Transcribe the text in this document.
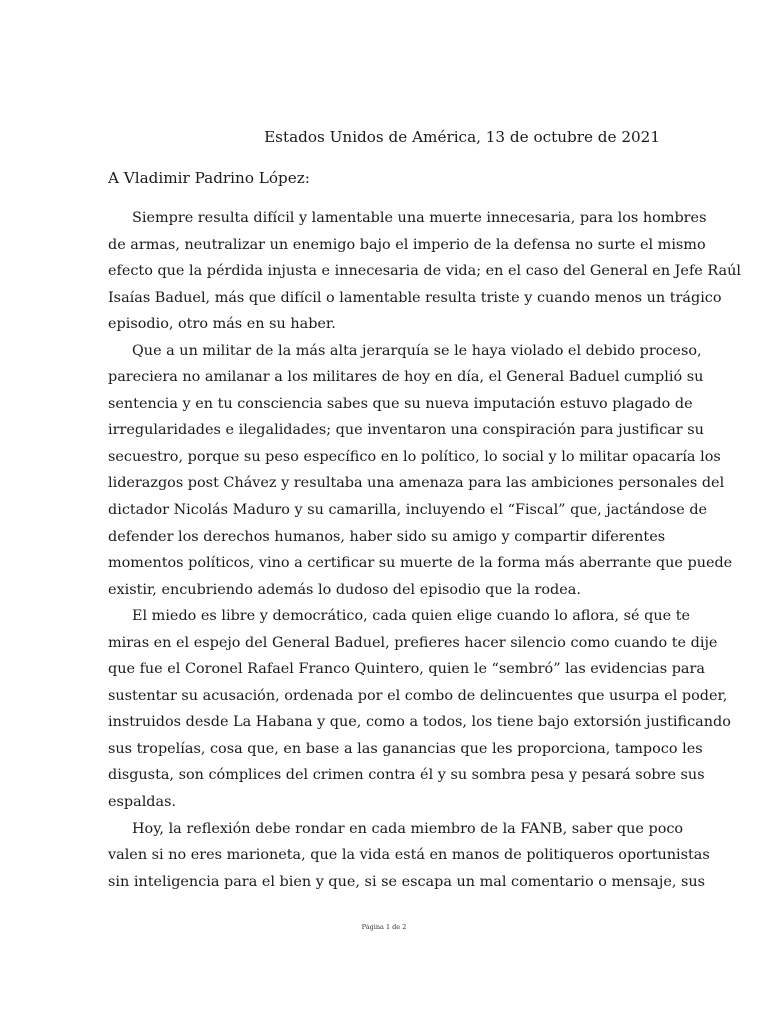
Estados Unidos de América, 13 de octubre de 2021
A Vladimir Padrino López:
Siempre resulta difícil y lamentable una muerte innecesaria, para los hombres
de armas, neutralizar un enemigo bajo el imperio de la defensa no surte el mismo
efecto que la pérdida injusta e innecesaria de vida; en el caso del General en Jefe Raúl
Isaías Baduel, más que difícil o lamentable resulta triste y cuando menos un trágico
episodio, otro más en su haber.
Que a un militar de la más alta jerarquía se le haya violado el debido proceso,
pareciera no amilanar a los militares de hoy en día, el General Baduel cumplió su
sentencia y en tu consciencia sabes que su nueva imputación estuvo plagado de
irregularidades e ilegalidades; que inventaron una conspiración para justificar su
secuestro, porque su peso específico en lo político, lo social y lo militar opacaría los
liderazgos post Chávez y resultaba una amenaza para las ambiciones personales del
dictador Nicolás Maduro y su camarilla, incluyendo el “Fiscal” que, jactándose de
defender los derechos humanos, haber sido su amigo y compartir diferentes
momentos políticos, vino a certificar su muerte de la forma más aberrante que puede
existir, encubriendo además lo dudoso del episodio que la rodea.
El miedo es libre y democrático, cada quien elige cuando lo aflora, sé que te
miras en el espejo del General Baduel, prefieres hacer silencio como cuando te dije
que fue el Coronel Rafael Franco Quintero, quien le “sembró” las evidencias para
sustentar su acusación, ordenada por el combo de delincuentes que usurpa el poder,
instruidos desde La Habana y que, como a todos, los tiene bajo extorsión justificando
sus tropelías, cosa que, en base a las ganancias que les proporciona, tampoco les
disgusta, son cómplices del crimen contra él y su sombra pesa y pesará sobre sus
espaldas.
Hoy, la reflexión debe rondar en cada miembro de la FANB, saber que poco
valen si no eres marioneta, que la vida está en manos de politiqueros oportunistas
sin inteligencia para el bien y que, si se escapa un mal comentario o mensaje, sus
Página 1 de 2
